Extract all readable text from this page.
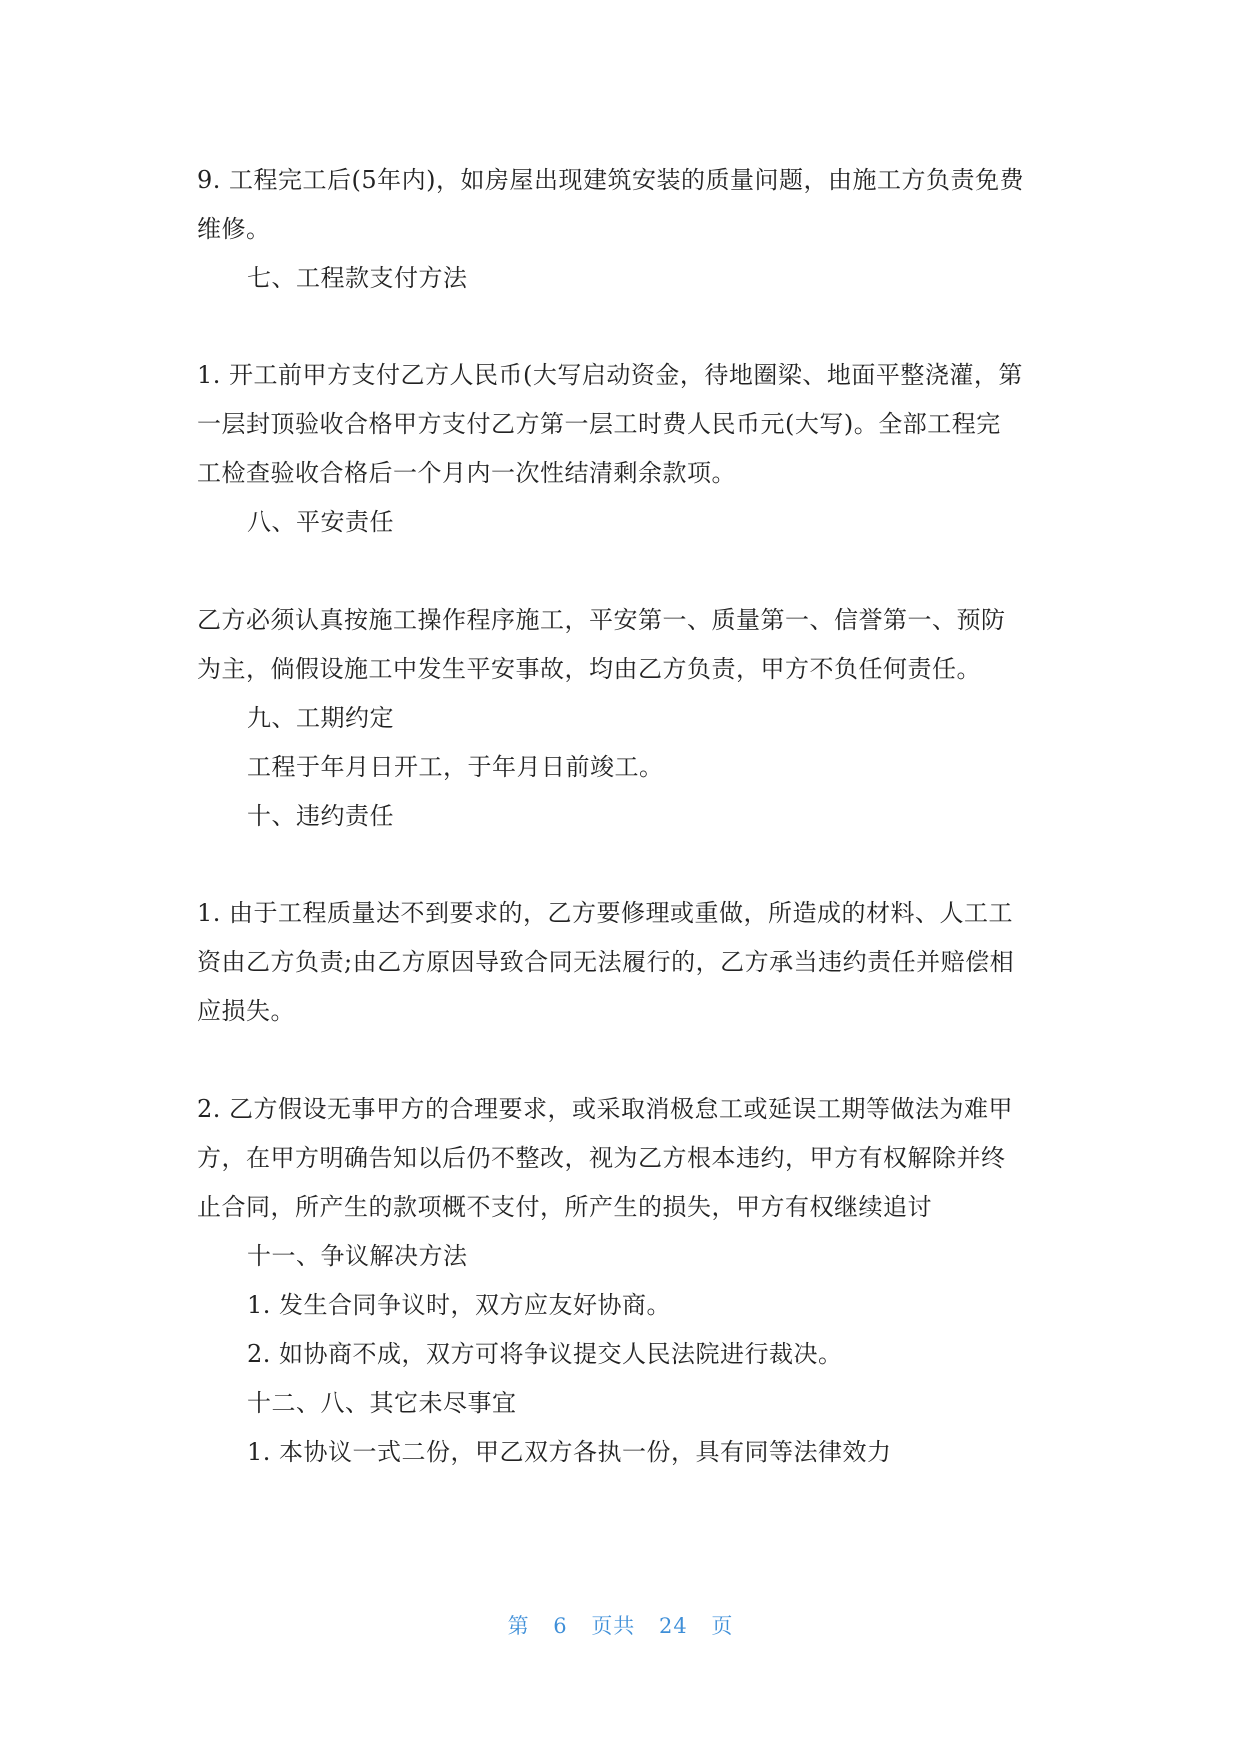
9. 工程完工后(5年内)，如房屋出现建筑安装的质量问题，由施工方负责免费
维修。
七、工程款支付方法
1. 开工前甲方支付乙方人民币(大写启动资金，待地圈梁、地面平整浇灌，第
一层封顶验收合格甲方支付乙方第一层工时费人民币元(大写)。全部工程完
工检查验收合格后一个月内一次性结清剩余款项。
八、平安责任
乙方必须认真按施工操作程序施工，平安第一、质量第一、信誉第一、预防
为主，倘假设施工中发生平安事故，均由乙方负责，甲方不负任何责任。
九、工期约定
工程于年月日开工，于年月日前竣工。
十、违约责任
1. 由于工程质量达不到要求的，乙方要修理或重做，所造成的材料、人工工
资由乙方负责;由乙方原因导致合同无法履行的，乙方承当违约责任并赔偿相
应损失。
2. 乙方假设无事甲方的合理要求，或采取消极怠工或延误工期等做法为难甲
方，在甲方明确告知以后仍不整改，视为乙方根本违约，甲方有权解除并终
止合同，所产生的款项概不支付，所产生的损失，甲方有权继续追讨
十一、争议解决方法
1. 发生合同争议时，双方应友好协商。
2. 如协商不成，双方可将争议提交人民法院进行裁决。
十二、八、其它未尽事宜
1. 本协议一式二份，甲乙双方各执一份，具有同等法律效力
第 6 页共 24 页
